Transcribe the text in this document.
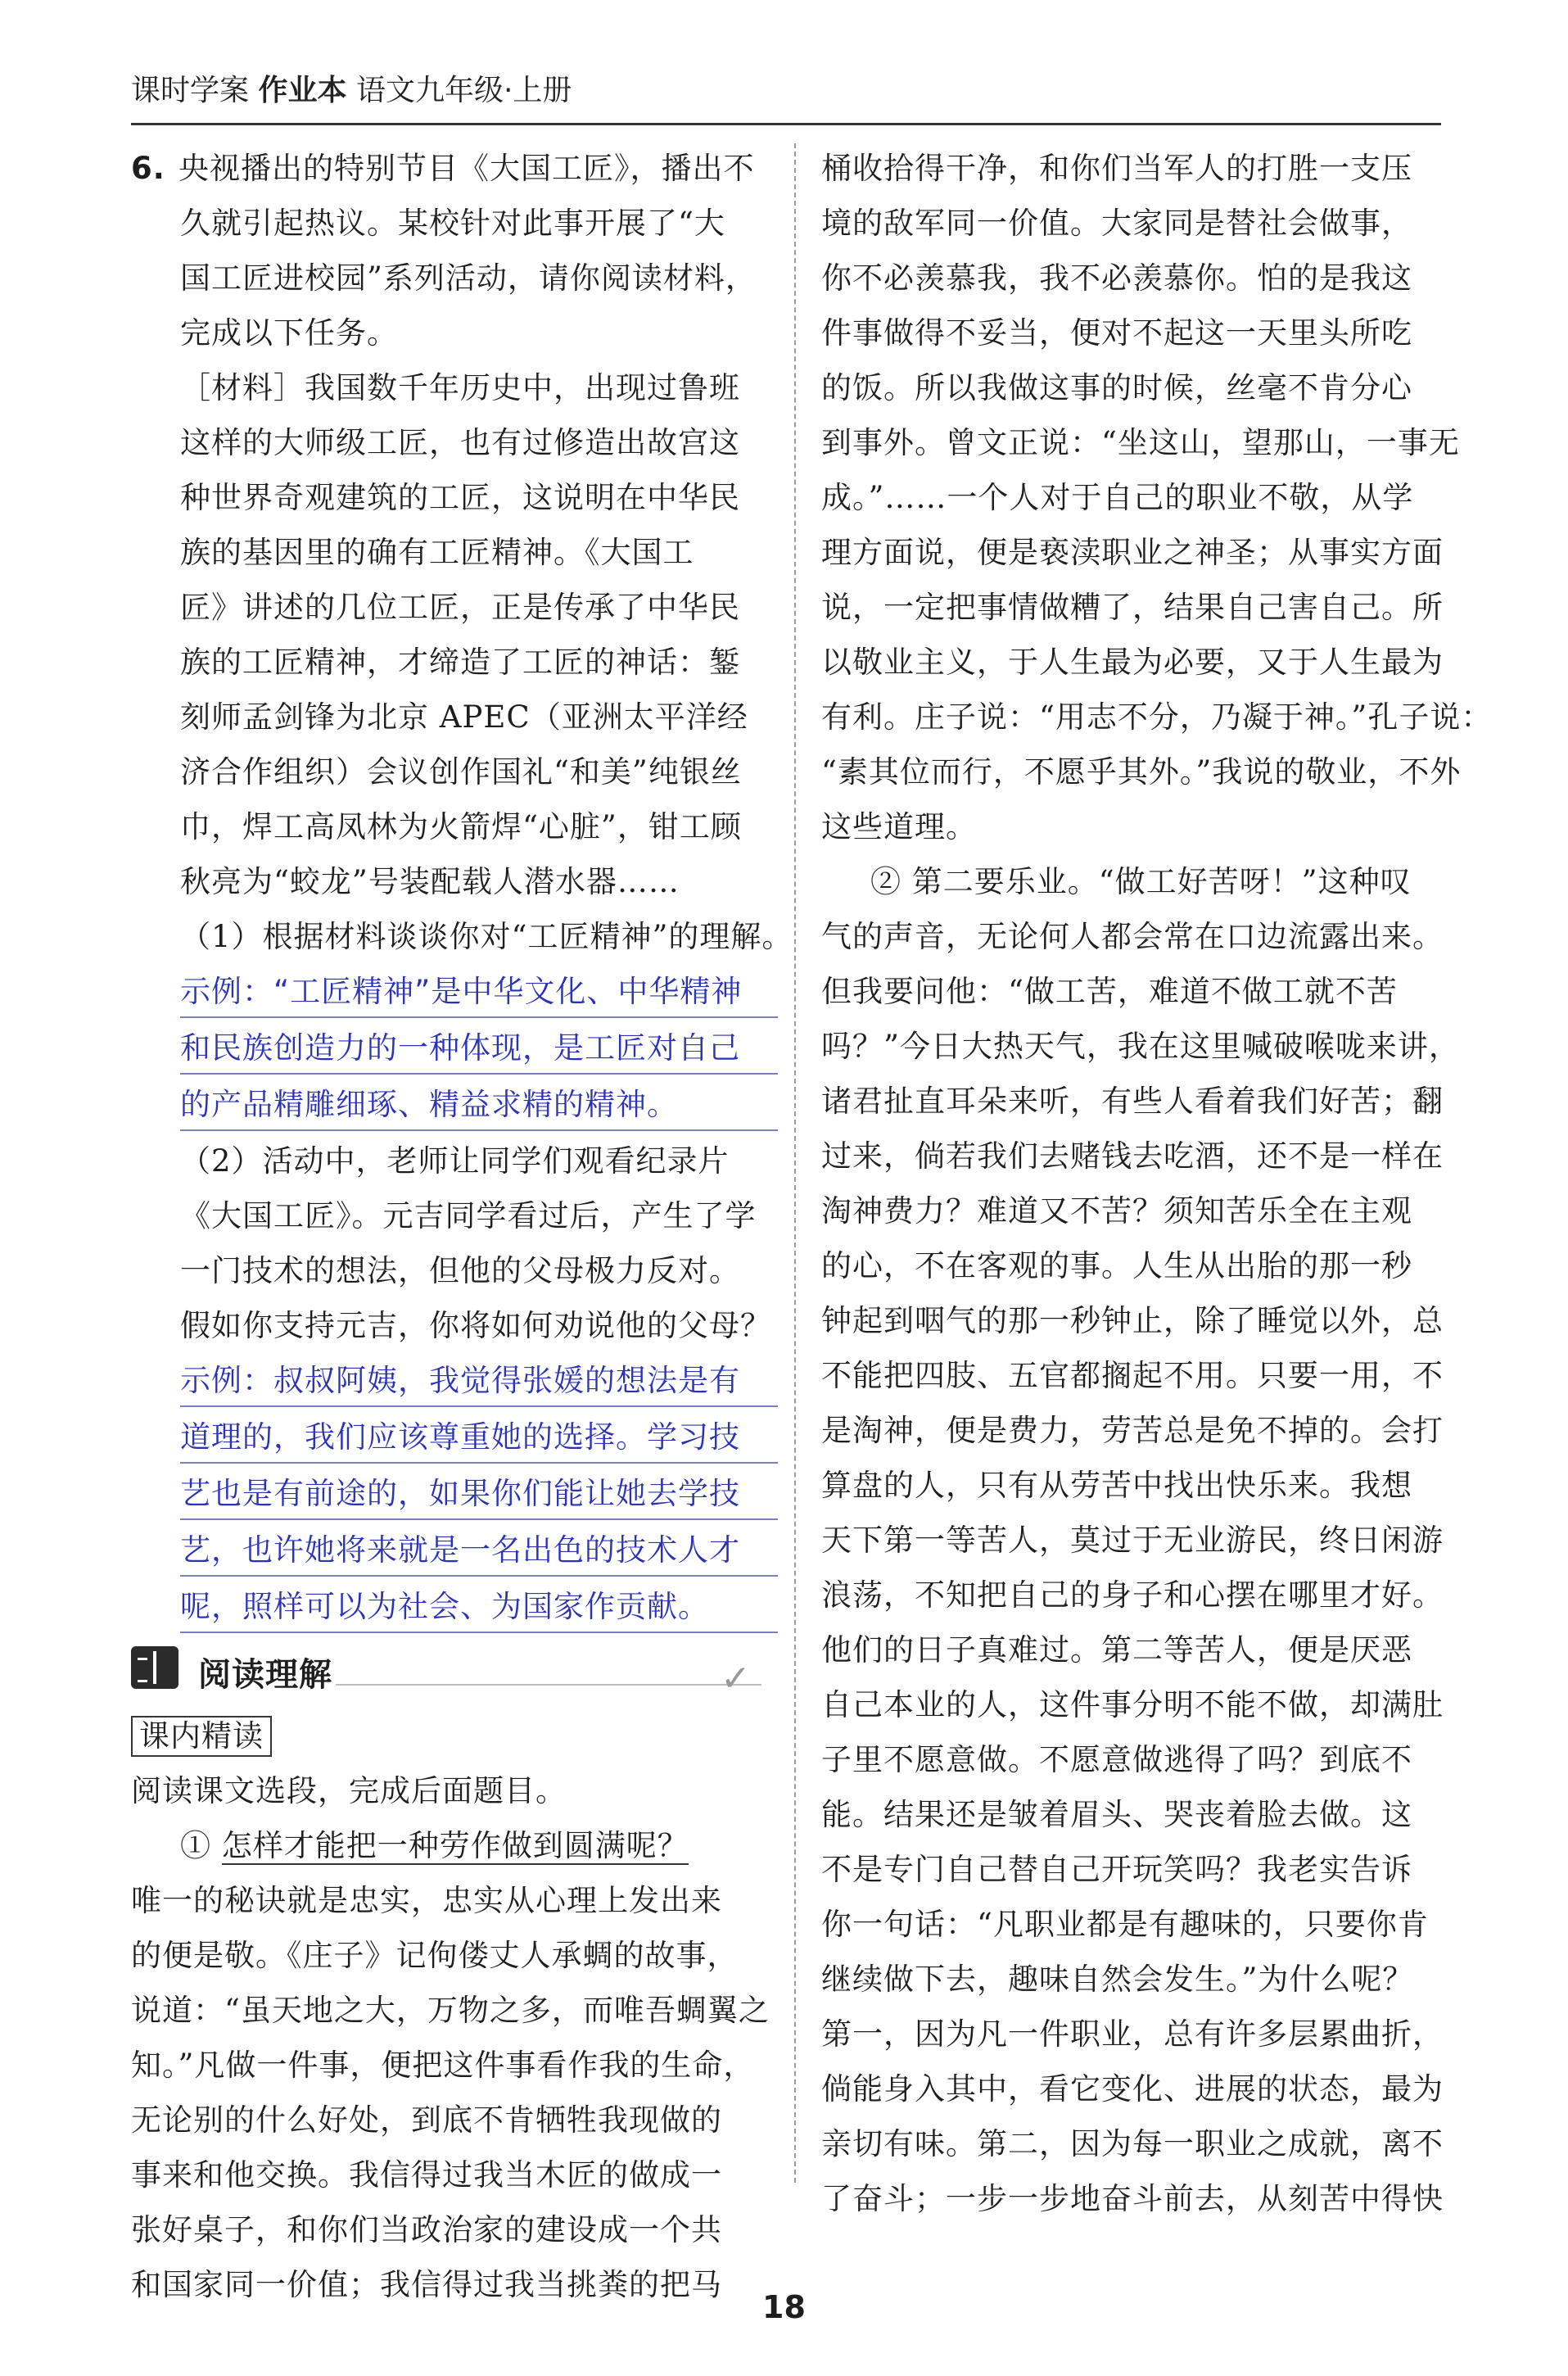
课时学案 作业本 语文九年级·上册
6. 央视播出的特别节目《大国工匠》，播出不
久就引起热议。某校针对此事开展了“大
国工匠进校园”系列活动，请你阅读材料，
完成以下任务。
［材料］我国数千年历史中，出现过鲁班
这样的大师级工匠，也有过修造出故宫这
种世界奇观建筑的工匠，这说明在中华民
族的基因里的确有工匠精神。《大国工
匠》讲述的几位工匠，正是传承了中华民
族的工匠精神，才缔造了工匠的神话：錾
刻师孟剑锋为北京 APEC（亚洲太平洋经
济合作组织）会议创作国礼“和美”纯银丝
巾，焊工高凤林为火箭焊“心脏”，钳工顾
秋亮为“蛟龙”号装配载人潜水器……
（1）根据材料谈谈你对“工匠精神”的理解。
示例：“工匠精神”是中华文化、中华精神
和民族创造力的一种体现，是工匠对自己
的产品精雕细琢、精益求精的精神。
（2）活动中，老师让同学们观看纪录片
《大国工匠》。元吉同学看过后，产生了学
一门技术的想法，但他的父母极力反对。
假如你支持元吉，你将如何劝说他的父母？
示例：叔叔阿姨，我觉得张媛的想法是有
道理的，我们应该尊重她的选择。学习技
艺也是有前途的，如果你们能让她去学技
艺，也许她将来就是一名出色的技术人才
呢，照样可以为社会、为国家作贡献。
阅读理解	✓
课内精读
阅读课文选段，完成后面题目。
① 怎样才能把一种劳作做到圆满呢？
唯一的秘诀就是忠实，忠实从心理上发出来
的便是敬。《庄子》记佝偻丈人承蜩的故事，
说道：“虽天地之大，万物之多，而唯吾蜩翼之
知。”凡做一件事，便把这件事看作我的生命，
无论别的什么好处，到底不肯牺牲我现做的
事来和他交换。我信得过我当木匠的做成一
张好桌子，和你们当政治家的建设成一个共
和国家同一价值；我信得过我当挑粪的把马
桶收拾得干净，和你们当军人的打胜一支压
境的敌军同一价值。大家同是替社会做事，
你不必羡慕我，我不必羡慕你。怕的是我这
件事做得不妥当，便对不起这一天里头所吃
的饭。所以我做这事的时候，丝毫不肯分心
到事外。曾文正说：“坐这山，望那山，一事无
成。”……一个人对于自己的职业不敬，从学
理方面说，便是亵渎职业之神圣；从事实方面
说，一定把事情做糟了，结果自己害自己。所
以敬业主义，于人生最为必要，又于人生最为
有利。庄子说：“用志不分，乃凝于神。”孔子说：
“素其位而行，不愿乎其外。”我说的敬业，不外
这些道理。
② 第二要乐业。“做工好苦呀！”这种叹
气的声音，无论何人都会常在口边流露出来。
但我要问他：“做工苦，难道不做工就不苦
吗？”今日大热天气，我在这里喊破喉咙来讲，
诸君扯直耳朵来听，有些人看着我们好苦；翻
过来，倘若我们去赌钱去吃酒，还不是一样在
淘神费力？难道又不苦？须知苦乐全在主观
的心，不在客观的事。人生从出胎的那一秒
钟起到咽气的那一秒钟止，除了睡觉以外，总
不能把四肢、五官都搁起不用。只要一用，不
是淘神，便是费力，劳苦总是免不掉的。会打
算盘的人，只有从劳苦中找出快乐来。我想
天下第一等苦人，莫过于无业游民，终日闲游
浪荡，不知把自己的身子和心摆在哪里才好。
他们的日子真难过。第二等苦人，便是厌恶
自己本业的人，这件事分明不能不做，却满肚
子里不愿意做。不愿意做逃得了吗？到底不
能。结果还是皱着眉头、哭丧着脸去做。这
不是专门自己替自己开玩笑吗？我老实告诉
你一句话：“凡职业都是有趣味的，只要你肯
继续做下去，趣味自然会发生。”为什么呢？
第一，因为凡一件职业，总有许多层累曲折，
倘能身入其中，看它变化、进展的状态，最为
亲切有味。第二，因为每一职业之成就，离不
了奋斗；一步一步地奋斗前去，从刻苦中得快
18
